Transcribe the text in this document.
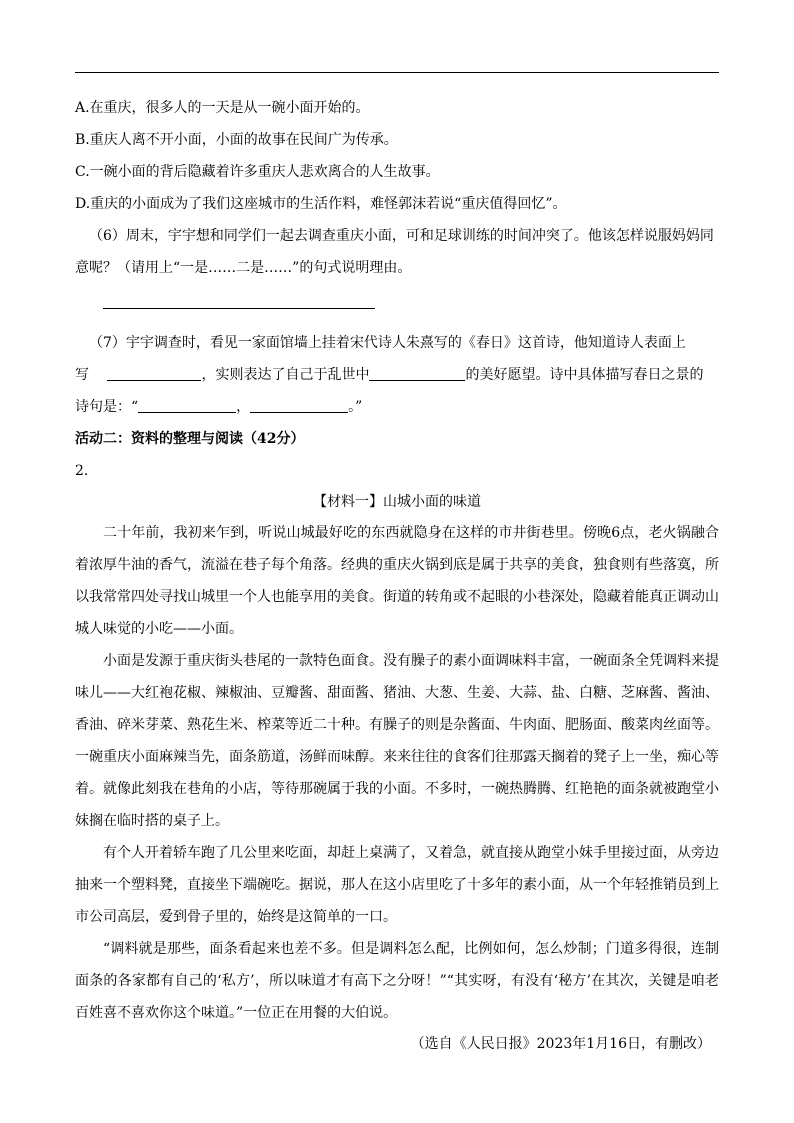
A.在重庆，很多人的一天是从一碗小面开始的。
B.重庆人离不开小面，小面的故事在民间广为传承。
C.一碗小面的背后隐藏着许多重庆人悲欢离合的人生故事。
D.重庆的小面成为了我们这座城市的生活作料，难怪郭沫若说“重庆值得回忆”。
（6）周末，宇宇想和同学们一起去调查重庆小面，可和足球训练的时间冲突了。他该怎样说服妈妈同
意呢？（请用上“一是……二是……”的句式说明理由。
（7）宇宇调查时，看见一家面馆墙上挂着宋代诗人朱熹写的《春日》这首诗，他知道诗人表面上
写	，实则表达了自己于乱世中	的美好愿望。诗中具体描写春日之景的
诗句是：“	，	。”
活动二：资料的整理与阅读（42分）
2．
【材料一】山城小面的味道
二十年前，我初来乍到，听说山城最好吃的东西就隐身在这样的市井街巷里。傍晚6点，老火锅融合着浓厚牛油的香气，流溢在巷子每个角落。经典的重庆火锅到底是属于共享的美食，独食则有些落寞，所以我常常四处寻找山城里一个人也能享用的美食。街道的转角或不起眼的小巷深处，隐藏着能真正调动山城人味觉的小吃——小面。
小面是发源于重庆街头巷尾的一款特色面食。没有臊子的素小面调味料丰富，一碗面条全凭调料来提味儿——大红袍花椒、辣椒油、豆瓣酱、甜面酱、猪油、大葱、生姜、大蒜、盐、白糖、芝麻酱、酱油、香油、碎米芽菜、熟花生米、榨菜等近二十种。有臊子的则是杂酱面、牛肉面、肥肠面、酸菜肉丝面等。一碗重庆小面麻辣当先，面条筋道，汤鲜而味醇。来来往往的食客们往那露天搁着的凳子上一坐，痴心等着。就像此刻我在巷角的小店，等待那碗属于我的小面。不多时，一碗热腾腾、红艳艳的面条就被跑堂小妹搁在临时搭的桌子上。
有个人开着轿车跑了几公里来吃面，却赶上桌满了，又着急，就直接从跑堂小妹手里接过面，从旁边抽来一个塑料凳，直接坐下端碗吃。据说，那人在这小店里吃了十多年的素小面，从一个年轻推销员到上市公司高层，爱到骨子里的，始终是这简单的一口。
“调料就是那些，面条看起来也差不多。但是调料怎么配，比例如何，怎么炒制；门道多得很，连制面条的各家都有自己的‘私方’，所以味道才有高下之分呀！”“其实呀，有没有‘秘方’在其次，关键是咱老百姓喜不喜欢你这个味道。”一位正在用餐的大伯说。
（选自《人民日报》2023年1月16日，有删改）
